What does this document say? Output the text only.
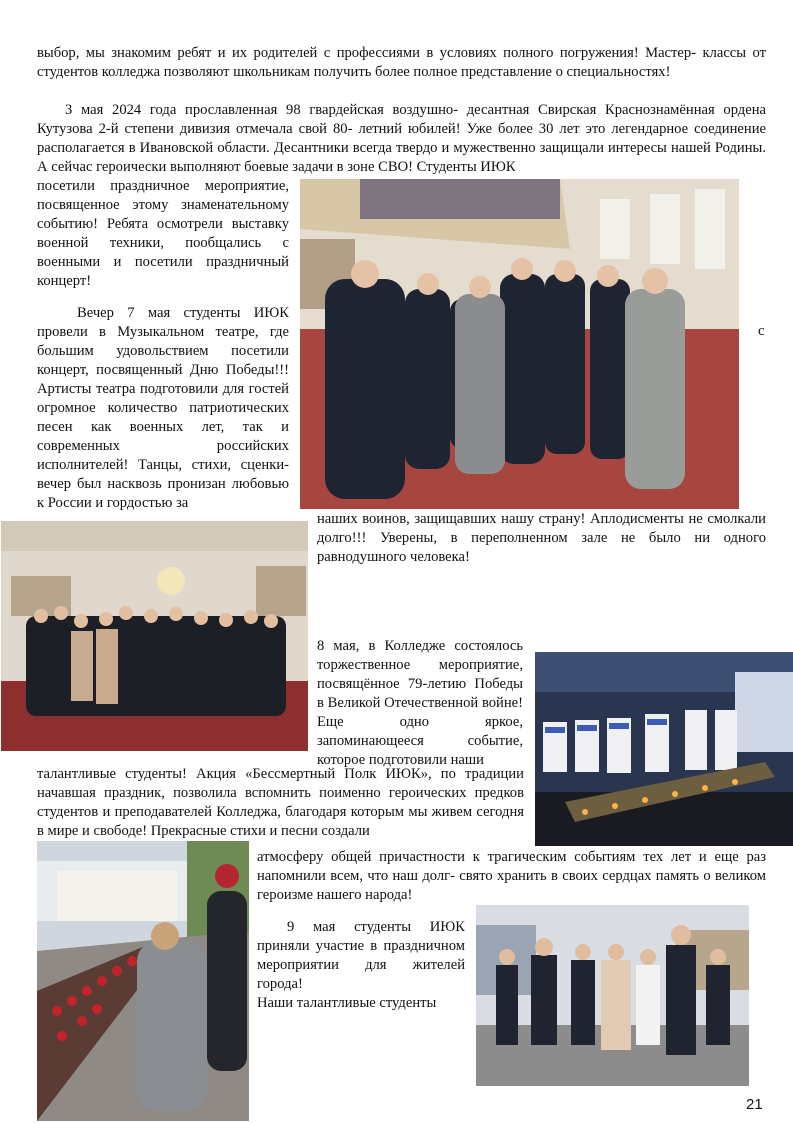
выбор, мы знакомим ребят и их родителей с профессиями в условиях полного погружения! Мастер- классы от студентов колледжа позволяют школьникам получить более полное представление о специальностях!

3 мая 2024 года прославленная 98 гвардейская воздушно- десантная Свирская Краснознамённая ордена Кутузова 2-й степени дивизия отмечала свой 80- летний юбилей! Уже более 30 лет это легендарное соединение располагается в Ивановской области. Десантники всегда твердо и мужественно защищали интересы нашей Родины. А сейчас героически выполняют боевые задачи в зоне СВО! Студенты ИЮК

посетили праздничное мероприятие, посвященное этому знаменательному событию! Ребята осмотрели выставку военной техники, пообщались с военными и посетили праздничный концерт!

Вечер 7 мая студенты ИЮК провели в Музыкальном театре, где большим удовольствием посетили концерт, посвященный Дню Победы!!!Артисты театра подготовили для гостей огромное количество патриотических песен как военных лет, так и современных российских исполнителей! Танцы, стихи, сценки- вечер был насквозь пронизан любовью к России и гордостью за

с

наших воинов, защищавших нашу страну! Аплодисменты не смолкали долго!!! Уверены, в переполненном зале не было ни одного равнодушного человека!

8 мая, в Колледже состоялось торжественное мероприятие, посвящённое 79-летию Победы в Великой Отечественной войне! Еще одно яркое, запоминающееся событие, которое подготовили наши

талантливые студенты! Акция «Бессмертный Полк ИЮК», по традиции начавшая праздник, позволила вспомнить поименно героических предков студентов и преподавателей Колледжа, благодаря которым мы живем сегодня в мире и свободе! Прекрасные стихи и песни создали

атмосферу общей причастности к трагическим событиям тех лет и еще раз напомнили всем, что наш долг- свято хранить в своих сердцах память о великом героизме нашего народа!

9 мая студенты ИЮК приняли участие в праздничном мероприятии для жителей города!

Наши талантливые студенты

21
